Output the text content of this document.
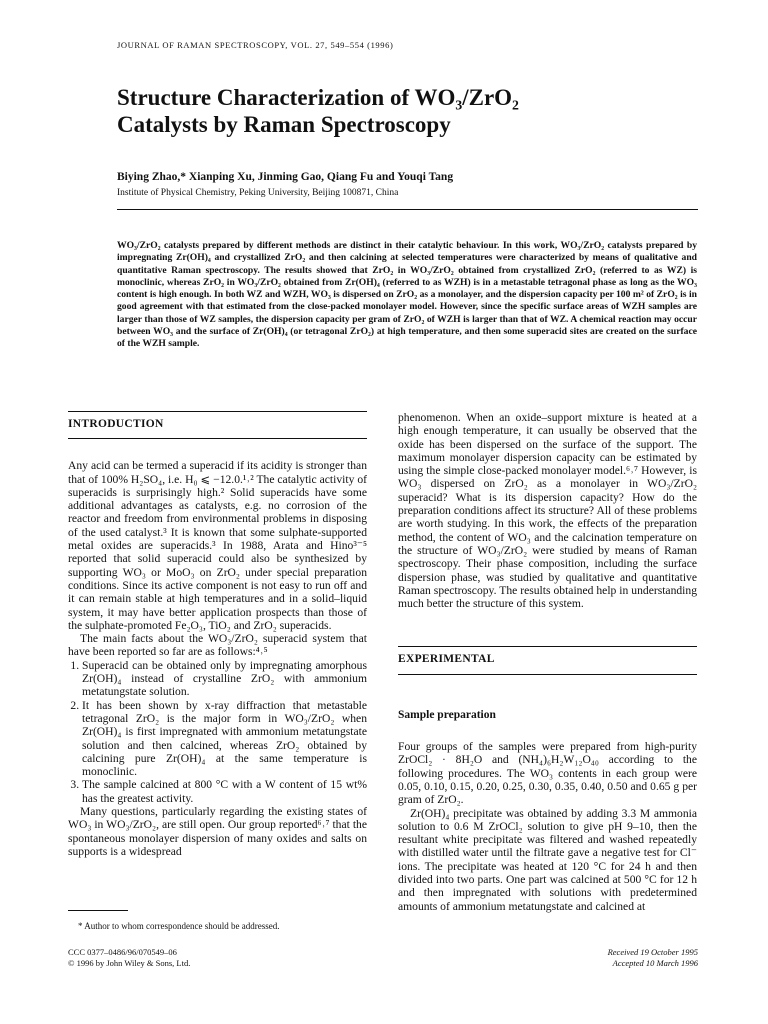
JOURNAL OF RAMAN SPECTROSCOPY, VOL. 27, 549–554 (1996)
Structure Characterization of WO₃/ZrO₂
Catalysts by Raman Spectroscopy
Biying Zhao,* Xianping Xu, Jinming Gao, Qiang Fu and Youqi Tang
Institute of Physical Chemistry, Peking University, Beijing 100871, China
WO₃/ZrO₂ catalysts prepared by different methods are distinct in their catalytic behaviour. In this work, WO₃/ZrO₂ catalysts prepared by impregnating Zr(OH)₄ and crystallized ZrO₂ and then calcining at selected temperatures were characterized by means of qualitative and quantitative Raman spectroscopy. The results showed that ZrO₂ in WO₃/ZrO₂ obtained from crystallized ZrO₂ (referred to as WZ) is monoclinic, whereas ZrO₂ in WO₃/ZrO₂ obtained from Zr(OH)₄ (referred to as WZH) is in a metastable tetragonal phase as long as the WO₃ content is high enough. In both WZ and WZH, WO₃ is dispersed on ZrO₂ as a monolayer, and the dispersion capacity per 100 m² of ZrO₂ is in good agreement with that estimated from the close-packed monolayer model. However, since the specific surface areas of WZH samples are larger than those of WZ samples, the dispersion capacity per gram of ZrO₂ of WZH is larger than that of WZ. A chemical reaction may occur between WO₃ and the surface of Zr(OH)₄ (or tetragonal ZrO₂) at high temperature, and then some superacid sites are created on the surface of the WZH sample.
INTRODUCTION

Any acid can be termed a superacid if its acidity is stronger than that of 100% H₂SO₄, i.e. H₀ ⩽ −12.0.¹˒² The catalytic activity of superacids is surprisingly high.² Solid superacids have some additional advantages as catalysts, e.g. no corrosion of the reactor and freedom from environmental problems in disposing of the used catalyst.³ It is known that some sulphate-supported metal oxides are superacids.³ In 1988, Arata and Hino³⁻⁵ reported that solid superacid could also be synthesized by supporting WO₃ or MoO₃ on ZrO₂ under special preparation conditions. Since its active component is not easy to run off and it can remain stable at high temperatures and in a solid–liquid system, it may have better application prospects than those of the sulphate-promoted Fe₂O₃, TiO₂ and ZrO₂ superacids.

The main facts about the WO₃/ZrO₂ superacid system that have been reported so far are as follows:⁴˒⁵

1. Superacid can be obtained only by impregnating amorphous Zr(OH)₄ instead of crystalline ZrO₂ with ammonium metatungstate solution.
2. It has been shown by x-ray diffraction that metastable tetragonal ZrO₂ is the major form in WO₃/ZrO₂ when Zr(OH)₄ is first impregnated with ammonium metatungstate solution and then calcined, whereas ZrO₂ obtained by calcining pure Zr(OH)₄ at the same temperature is monoclinic.
3. The sample calcined at 800 °C with a W content of 15 wt% has the greatest activity.

Many questions, particularly regarding the existing states of WO₃ in WO₃/ZrO₂, are still open. Our group reported⁶˒⁷ that the spontaneous monolayer dispersion of many oxides and salts on supports is a widespread

phenomenon. When an oxide–support mixture is heated at a high enough temperature, it can usually be observed that the oxide has been dispersed on the surface of the support. The maximum monolayer dispersion capacity can be estimated by using the simple close-packed monolayer model.⁶˒⁷ However, is WO₃ dispersed on ZrO₂ as a monolayer in WO₃/ZrO₂ superacid? What is its dispersion capacity? How do the preparation conditions affect its structure? All of these problems are worth studying. In this work, the effects of the preparation method, the content of WO₃ and the calcination temperature on the structure of WO₃/ZrO₂ were studied by means of Raman spectroscopy. Their phase composition, including the surface dispersion phase, was studied by qualitative and quantitative Raman spectroscopy. The results obtained help in understanding much better the structure of this system.

EXPERIMENTAL
Sample preparation

Four groups of the samples were prepared from high-purity ZrOCl₂ · 8H₂O and (NH₄)₆H₂W₁₂O₄₀ according to the following procedures. The WO₃ contents in each group were 0.05, 0.10, 0.15, 0.20, 0.25, 0.30, 0.35, 0.40, 0.50 and 0.65 g per gram of ZrO₂.

Zr(OH)₄ precipitate was obtained by adding 3.3 M ammonia solution to 0.6 M ZrOCl₂ solution to give pH 9–10, then the resultant white precipitate was filtered and washed repeatedly with distilled water until the filtrate gave a negative test for Cl⁻ ions. The precipitate was heated at 120 °C for 24 h and then divided into two parts. One part was calcined at 500 °C for 12 h and then impregnated with solutions with predetermined amounts of ammonium metatungstate and calcined at

* Author to whom correspondence should be addressed.
CCC 0377–0486/96/070549–06
© 1996 by John Wiley & Sons, Ltd.
Received 19 October 1995
Accepted 10 March 1996
